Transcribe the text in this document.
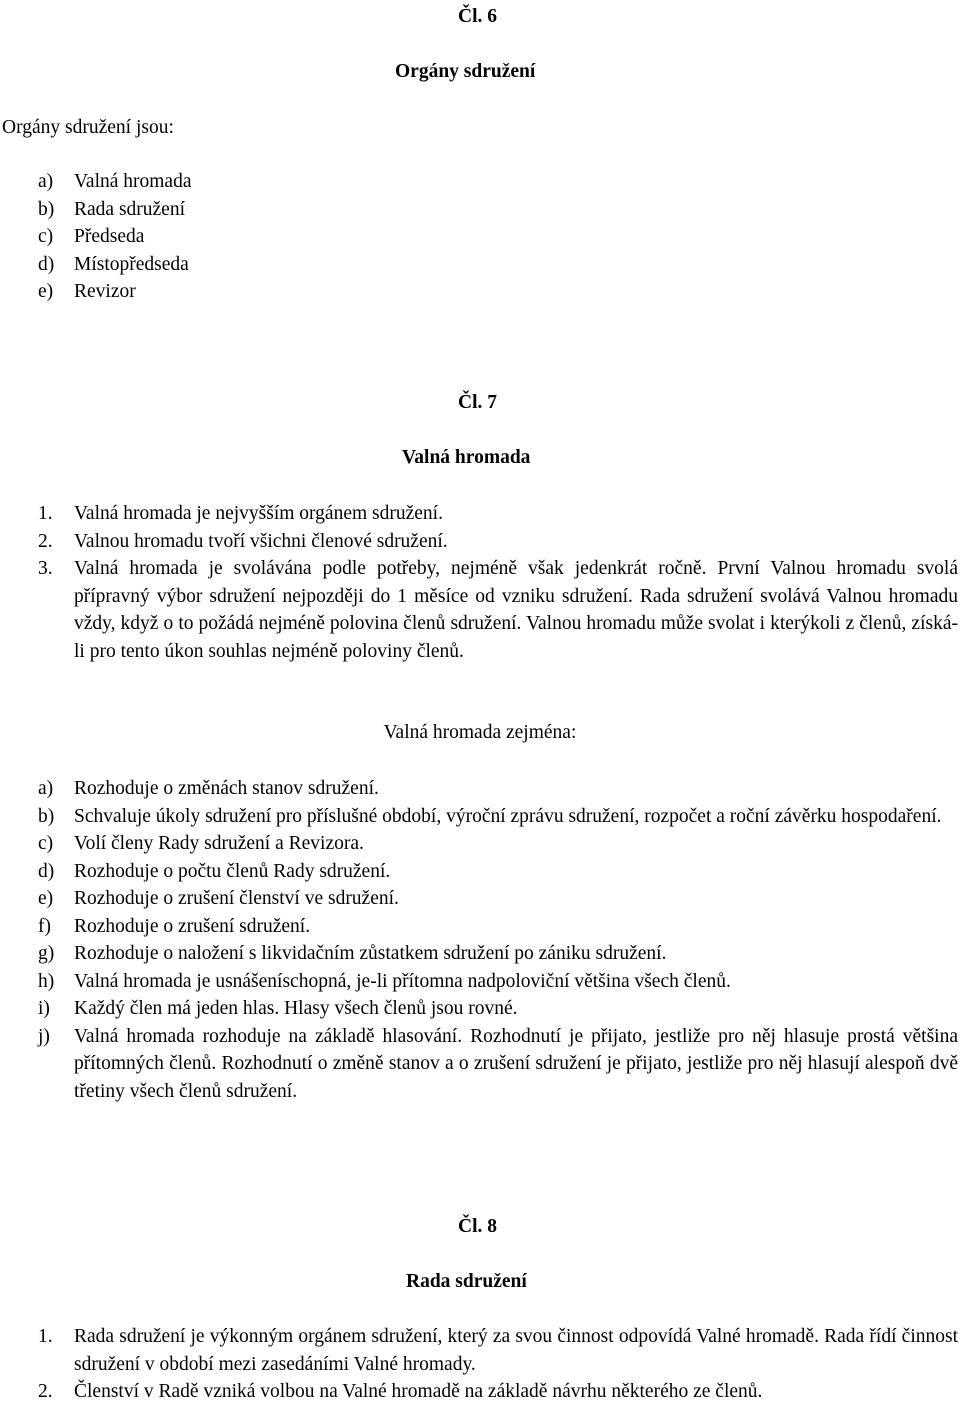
Čl. 6
Orgány sdružení
Orgány sdružení jsou:
a) Valná hromada
b) Rada sdružení
c) Předseda
d) Místopředseda
e) Revizor
Čl. 7
Valná hromada
1. Valná hromada je nejvyšším orgánem sdružení.
2. Valnou hromadu tvoří všichni členové sdružení.
3. Valná hromada je svolávána podle potřeby, nejméně však jedenkrát ročně. První Valnou hromadu svolá přípravný výbor sdružení nejpozději do 1 měsíce od vzniku sdružení. Rada sdružení svolává Valnou hromadu vždy, když o to požádá nejméně polovina členů sdružení. Valnou hromadu může svolat i kterýkoli z členů, získá-li pro tento úkon souhlas nejméně poloviny členů.
Valná hromada zejména:
a) Rozhoduje o změnách stanov sdružení.
b) Schvaluje úkoly sdružení pro příslušné období, výroční zprávu sdružení, rozpočet a roční závěrku hospodaření.
c) Volí členy Rady sdružení a Revizora.
d) Rozhoduje o počtu členů Rady sdružení.
e) Rozhoduje o zrušení členství ve sdružení.
f) Rozhoduje o zrušení sdružení.
g) Rozhoduje o naložení s likvidačním zůstatkem sdružení po zániku sdružení.
h) Valná hromada je usnášeníschopná, je-li přítomna nadpoloviční většina všech členů.
i) Každý člen má jeden hlas. Hlasy všech členů jsou rovné.
j) Valná hromada rozhoduje na základě hlasování. Rozhodnutí je přijato, jestliže pro něj hlasuje prostá většina přítomných členů. Rozhodnutí o změně stanov a o zrušení sdružení je přijato, jestliže pro něj hlasují alespoň dvě třetiny všech členů sdružení.
Čl. 8
Rada sdružení
1. Rada sdružení je výkonným orgánem sdružení, který za svou činnost odpovídá Valné hromadě. Rada řídí činnost sdružení v období mezi zasedáními Valné hromady.
2. Členství v Radě vzniká volbou na Valné hromadě na základě návrhu některého ze členů.
